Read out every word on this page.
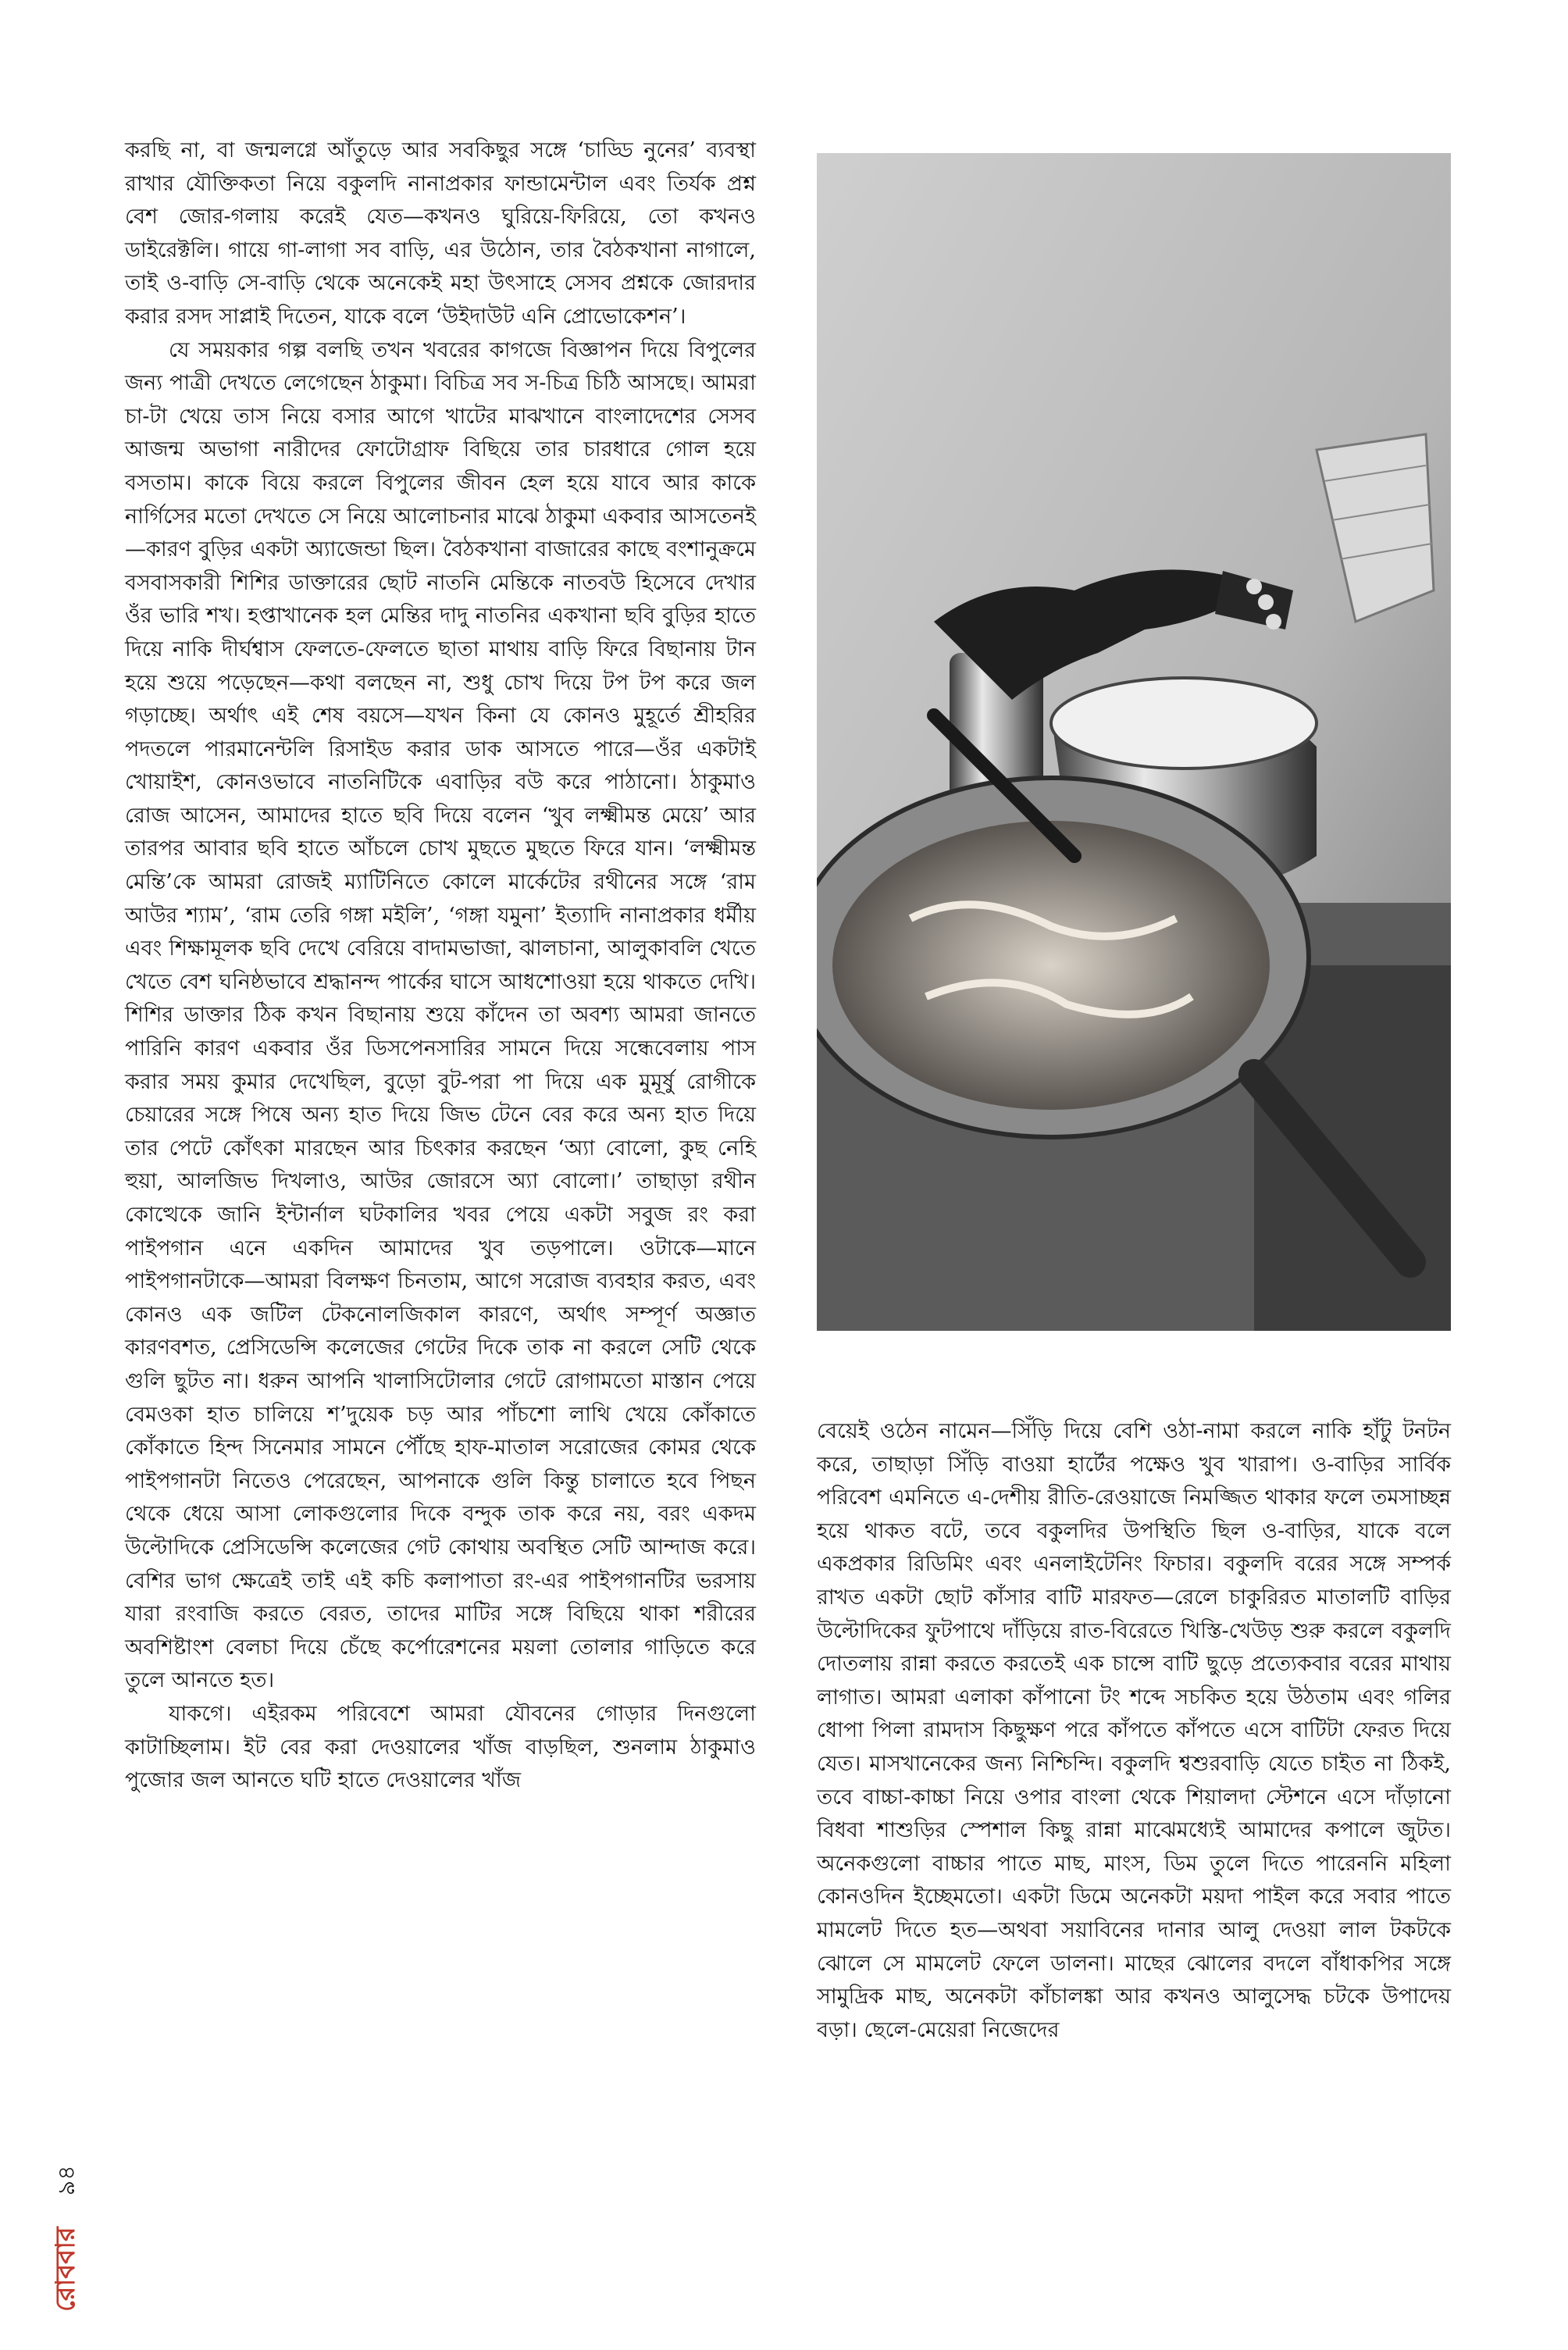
করছি না, বা জন্মলগ্নে আঁতুড়ে আর সবকিছুর সঙ্গে ‘চাড্ডি নুনের’ ব্যবস্থা রাখার যৌক্তিকতা নিয়ে বকুলদি নানাপ্রকার ফান্ডামেন্টাল এবং তির্যক প্রশ্ন বেশ জোর-গলায় করেই যেত—কখনও ঘুরিয়ে-ফিরিয়ে, তো কখনও ডাইরেক্টলি। গায়ে গা-লাগা সব বাড়ি, এর উঠোন, তার বৈঠকখানা নাগালে, তাই ও-বাড়ি সে-বাড়ি থেকে অনেকেই মহা উৎসাহে সেসব প্রশ্নকে জোরদার করার রসদ সাপ্লাই দিতেন, যাকে বলে ‘উইদাউট এনি প্রোভোকেশন’।

যে সময়কার গল্প বলছি তখন খবরের কাগজে বিজ্ঞাপন দিয়ে বিপুলের জন্য পাত্রী দেখতে লেগেছেন ঠাকুমা। বিচিত্র সব স-চিত্র চিঠি আসছে। আমরা চা-টা খেয়ে তাস নিয়ে বসার আগে খাটের মাঝখানে বাংলাদেশের সেসব আজন্ম অভাগা নারীদের ফোটোগ্রাফ বিছিয়ে তার চারধারে গোল হয়ে বসতাম। কাকে বিয়ে করলে বিপুলের জীবন হেল হয়ে যাবে আর কাকে নার্গিসের মতো দেখতে সে নিয়ে আলোচনার মাঝে ঠাকুমা একবার আসতেনই—কারণ বুড়ির একটা অ্যাজেন্ডা ছিল। বৈঠকখানা বাজারের কাছে বংশানুক্রমে বসবাসকারী শিশির ডাক্তারের ছোট নাতনি মেন্তিকে নাতবউ হিসেবে দেখার ওঁর ভারি শখ। হপ্তাখানেক হল মেন্তির দাদু নাতনির একখানা ছবি বুড়ির হাতে দিয়ে নাকি দীর্ঘশ্বাস ফেলতে-ফেলতে ছাতা মাথায় বাড়ি ফিরে বিছানায় টান হয়ে শুয়ে পড়েছেন—কথা বলছেন না, শুধু চোখ দিয়ে টপ টপ করে জল গড়াচ্ছে। অর্থাৎ এই শেষ বয়সে—যখন কিনা যে কোনও মুহূর্তে শ্রীহরির পদতলে পারমানেন্টলি রিসাইড করার ডাক আসতে পারে—ওঁর একটাই খোয়াইশ, কোনওভাবে নাতনিটিকে এবাড়ির বউ করে পাঠানো। ঠাকুমাও রোজ আসেন, আমাদের হাতে ছবি দিয়ে বলেন ‘খুব লক্ষ্মীমন্ত মেয়ে’ আর তারপর আবার ছবি হাতে আঁচলে চোখ মুছতে মুছতে ফিরে যান। ‘লক্ষ্মীমন্ত মেন্তি’কে আমরা রোজই ম্যাটিনিতে কোলে মার্কেটের রথীনের সঙ্গে ‘রাম আউর শ্যাম’, ‘রাম তেরি গঙ্গা মইলি’, ‘গঙ্গা যমুনা’ ইত্যাদি নানাপ্রকার ধর্মীয় এবং শিক্ষামূলক ছবি দেখে বেরিয়ে বাদামভাজা, ঝালচানা, আলুকাবলি খেতে খেতে বেশ ঘনিষ্ঠভাবে শ্রদ্ধানন্দ পার্কের ঘাসে আধশোওয়া হয়ে থাকতে দেখি। শিশির ডাক্তার ঠিক কখন বিছানায় শুয়ে কাঁদেন তা অবশ্য আমরা জানতে পারিনি কারণ একবার ওঁর ডিসপেনসারির সামনে দিয়ে সন্ধেবেলায় পাস করার সময় কুমার দেখেছিল, বুড়ো বুট-পরা পা দিয়ে এক মুমূর্ষু রোগীকে চেয়ারের সঙ্গে পিষে অন্য হাত দিয়ে জিভ টেনে বের করে অন্য হাত দিয়ে তার পেটে কোঁৎকা মারছেন আর চিৎকার করছেন ‘অ্যা বোলো, কুছ নেহি হুয়া, আলজিভ দিখলাও, আউর জোরসে অ্যা বোলো।’ তাছাড়া রথীন কোত্থেকে জানি ইন্টার্নাল ঘটকালির খবর পেয়ে একটা সবুজ রং করা পাইপগান এনে একদিন আমাদের খুব তড়পালে। ওটাকে—মানে পাইপগানটাকে—আমরা বিলক্ষণ চিনতাম, আগে সরোজ ব্যবহার করত, এবং কোনও এক জটিল টেকনোলজিকাল কারণে, অর্থাৎ সম্পূর্ণ অজ্ঞাত কারণবশত, প্রেসিডেন্সি কলেজের গেটের দিকে তাক না করলে সেটি থেকে গুলি ছুটত না। ধরুন আপনি খালাসিটোলার গেটে রোগামতো মাস্তান পেয়ে বেমওকা হাত চালিয়ে শ’দুয়েক চড় আর পাঁচশো লাথি খেয়ে কোঁকাতে কোঁকাতে হিন্দ সিনেমার সামনে পৌঁছে হাফ-মাতাল সরোজের কোমর থেকে পাইপগানটা নিতেও পেরেছেন, আপনাকে গুলি কিন্তু চালাতে হবে পিছন থেকে ধেয়ে আসা লোকগুলোর দিকে বন্দুক তাক করে নয়, বরং একদম উল্টোদিকে প্রেসিডেন্সি কলেজের গেট কোথায় অবস্থিত সেটি আন্দাজ করে। বেশির ভাগ ক্ষেত্রেই তাই এই কচি কলাপাতা রং-এর পাইপগানটির ভরসায় যারা রংবাজি করতে বেরত, তাদের মাটির সঙ্গে বিছিয়ে থাকা শরীরের অবশিষ্টাংশ বেলচা দিয়ে চেঁছে কর্পোরেশনের ময়লা তোলার গাড়িতে করে তুলে আনতে হত।

যাকগে। এইরকম পরিবেশে আমরা যৌবনের গোড়ার দিনগুলো কাটাচ্ছিলাম। ইট বের করা দেওয়ালের খাঁজ বাড়ছিল, শুনলাম ঠাকুমাও পুজোর জল আনতে ঘটি হাতে দেওয়ালের খাঁজ

বেয়েই ওঠেন নামেন—সিঁড়ি দিয়ে বেশি ওঠা-নামা করলে নাকি হাঁটু টনটন করে, তাছাড়া সিঁড়ি বাওয়া হার্টের পক্ষেও খুব খারাপ। ও-বাড়ির সার্বিক পরিবেশ এমনিতে এ-দেশীয় রীতি-রেওয়াজে নিমজ্জিত থাকার ফলে তমসাচ্ছন্ন হয়ে থাকত বটে, তবে বকুলদির উপস্থিতি ছিল ও-বাড়ির, যাকে বলে একপ্রকার রিডিমিং এবং এনলাইটেনিং ফিচার। বকুলদি বরের সঙ্গে সম্পর্ক রাখত একটা ছোট কাঁসার বাটি মারফত—রেলে চাকুরিরত মাতালটি বাড়ির উল্টোদিকের ফুটপাথে দাঁড়িয়ে রাত-বিরেতে খিস্তি-খেউড় শুরু করলে বকুলদি দোতলায় রান্না করতে করতেই এক চান্সে বাটি ছুড়ে প্রত্যেকবার বরের মাথায় লাগাত। আমরা এলাকা কাঁপানো টং শব্দে সচকিত হয়ে উঠতাম এবং গলির ধোপা পিলা রামদাস কিছুক্ষণ পরে কাঁপতে কাঁপতে এসে বাটিটা ফেরত দিয়ে যেত। মাসখানেকের জন্য নিশ্চিন্দি। বকুলদি শ্বশুরবাড়ি যেতে চাইত না ঠিকই, তবে বাচ্চা-কাচ্চা নিয়ে ওপার বাংলা থেকে শিয়ালদা স্টেশনে এসে দাঁড়ানো বিধবা শাশুড়ির স্পেশাল কিছু রান্না মাঝেমধ্যেই আমাদের কপালে জুটত। অনেকগুলো বাচ্চার পাতে মাছ, মাংস, ডিম তুলে দিতে পারেননি মহিলা কোনওদিন ইচ্ছেমতো। একটা ডিমে অনেকটা ময়দা পাইল করে সবার পাতে মামলেট দিতে হত—অথবা সয়াবিনের দানার আলু দেওয়া লাল টকটকে ঝোলে সে মামলেট ফেলে ডালনা। মাছের ঝোলের বদলে বাঁধাকপির সঙ্গে সামুদ্রিক মাছ, অনেকটা কাঁচালঙ্কা আর কখনও আলুসেদ্ধ চটকে উপাদেয় বড়া। ছেলে-মেয়েরা নিজেদের

রোববার
৯৪
